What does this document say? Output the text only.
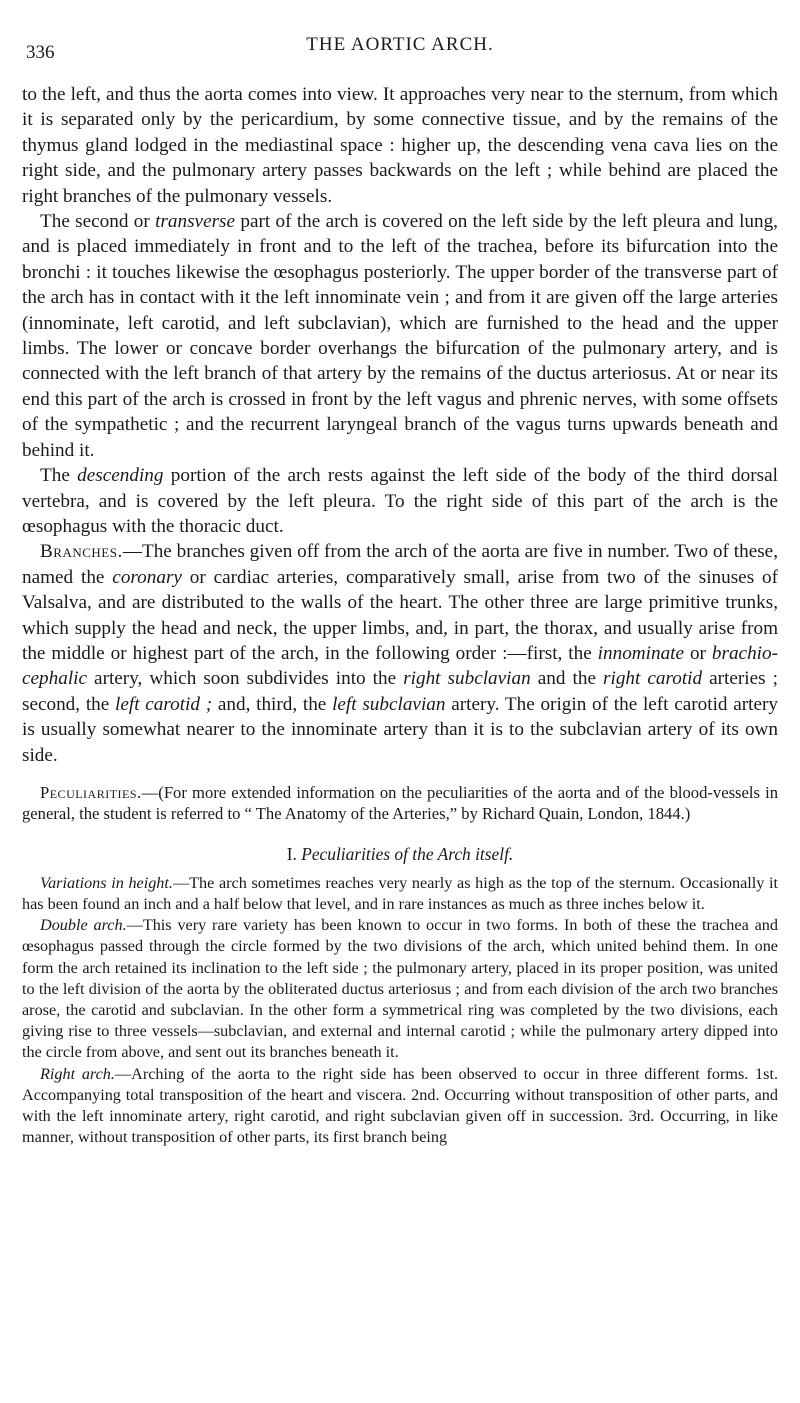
336	THE AORTIC ARCH.

to the left, and thus the aorta comes into view. It approaches very near to the sternum, from which it is separated only by the pericardium, by some connective tissue, and by the remains of the thymus gland lodged in the mediastinal space : higher up, the descending vena cava lies on the right side, and the pulmonary artery passes backwards on the left ; while behind are placed the right branches of the pulmonary vessels.

The second or transverse part of the arch is covered on the left side by the left pleura and lung, and is placed immediately in front and to the left of the trachea, before its bifurcation into the bronchi : it touches likewise the œsophagus posteriorly. The upper border of the transverse part of the arch has in contact with it the left innominate vein ; and from it are given off the large arteries (innominate, left carotid, and left subclavian), which are furnished to the head and the upper limbs. The lower or concave border overhangs the bifurcation of the pulmonary artery, and is connected with the left branch of that artery by the remains of the ductus arteriosus. At or near its end this part of the arch is crossed in front by the left vagus and phrenic nerves, with some offsets of the sympathetic ; and the recurrent laryngeal branch of the vagus turns upwards beneath and behind it.

The descending portion of the arch rests against the left side of the body of the third dorsal vertebra, and is covered by the left pleura. To the right side of this part of the arch is the œsophagus with the thoracic duct.

Branches.—The branches given off from the arch of the aorta are five in number. Two of these, named the coronary or cardiac arteries, comparatively small, arise from two of the sinuses of Valsalva, and are distributed to the walls of the heart. The other three are large primitive trunks, which supply the head and neck, the upper limbs, and, in part, the thorax, and usually arise from the middle or highest part of the arch, in the following order :—first, the innominate or brachio-cephalic artery, which soon subdivides into the right subclavian and the right carotid arteries ; second, the left carotid ; and, third, the left subclavian artery. The origin of the left carotid artery is usually somewhat nearer to the innominate artery than it is to the subclavian artery of its own side.

Peculiarities.—(For more extended information on the peculiarities of the aorta and of the blood-vessels in general, the student is referred to “ The Anatomy of the Arteries,” by Richard Quain, London, 1844.)

I. Peculiarities of the Arch itself.

Variations in height.—The arch sometimes reaches very nearly as high as the top of the sternum. Occasionally it has been found an inch and a half below that level, and in rare instances as much as three inches below it.

Double arch.—This very rare variety has been known to occur in two forms. In both of these the trachea and œsophagus passed through the circle formed by the two divisions of the arch, which united behind them. In one form the arch retained its inclination to the left side ; the pulmonary artery, placed in its proper position, was united to the left division of the aorta by the obliterated ductus arteriosus ; and from each division of the arch two branches arose, the carotid and subclavian. In the other form a symmetrical ring was completed by the two divisions, each giving rise to three vessels—subclavian, and external and internal carotid ; while the pulmonary artery dipped into the circle from above, and sent out its branches beneath it.

Right arch.—Arching of the aorta to the right side has been observed to occur in three different forms. 1st. Accompanying total transposition of the heart and viscera. 2nd. Occurring without transposition of other parts, and with the left innominate artery, right carotid, and right subclavian given off in succession. 3rd. Occurring, in like manner, without transposition of other parts, its first branch being
